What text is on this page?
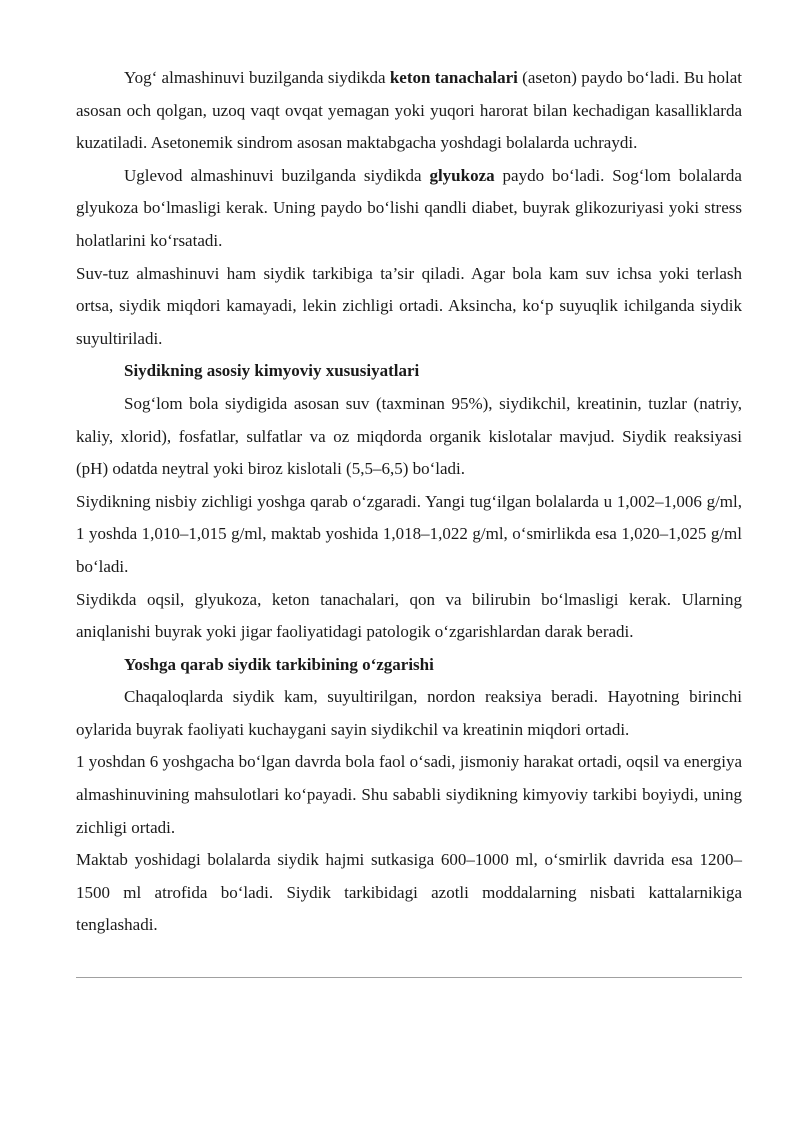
Yog‘ almashinuvi buzilganda siydikda keton tanachalari (aseton) paydo bo‘ladi. Bu holat asosan och qolgan, uzoq vaqt ovqat yemagan yoki yuqori harorat bilan kechadigan kasalliklarda kuzatiladi. Asetonemik sindrom asosan maktabgacha yoshdagi bolalarda uchraydi.

Uglevod almashinuvi buzilganda siydikda glyukoza paydo bo‘ladi. Sog‘lom bolalarda glyukoza bo‘lmasligi kerak. Uning paydo bo‘lishi qandli diabet, buyrak glikozuriyasi yoki stress holatlarini ko‘rsatadi.

Suv-tuz almashinuvi ham siydik tarkibiga ta’sir qiladi. Agar bola kam suv ichsa yoki terlash ortsa, siydik miqdori kamayadi, lekin zichligi ortadi. Aksincha, ko‘p suyuqlik ichilganda siydik suyultiriladi.

Siydikning asosiy kimyoviy xususiyatlari

Sog‘lom bola siydigida asosan suv (taxminan 95%), siydikchil, kreatinin, tuzlar (natriy, kaliy, xlorid), fosfatlar, sulfatlar va oz miqdorda organik kislotalar mavjud. Siydik reaksiyasi (pH) odatda neytral yoki biroz kislotali (5,5–6,5) bo‘ladi.

Siydikning nisbiy zichligi yoshga qarab o‘zgaradi. Yangi tug‘ilgan bolalarda u 1,002–1,006 g/ml, 1 yoshda 1,010–1,015 g/ml, maktab yoshida 1,018–1,022 g/ml, o‘smirlikda esa 1,020–1,025 g/ml bo‘ladi.

Siydikda oqsil, glyukoza, keton tanachalari, qon va bilirubin bo‘lmasligi kerak. Ularning aniqlanishi buyrak yoki jigar faoliyatidagi patologik o‘zgarishlardan darak beradi.

Yoshga qarab siydik tarkibining o‘zgarishi

Chaqaloqlarda siydik kam, suyultirilgan, nordon reaksiya beradi. Hayotning birinchi oylarida buyrak faoliyati kuchaygani sayin siydikchil va kreatinin miqdori ortadi.

1 yoshdan 6 yoshgacha bo‘lgan davrda bola faol o‘sadi, jismoniy harakat ortadi, oqsil va energiya almashinuvining mahsulotlari ko‘payadi. Shu sababli siydikning kimyoviy tarkibi boyiydi, uning zichligi ortadi.

Maktab yoshidagi bolalarda siydik hajmi sutkasiga 600–1000 ml, o‘smirlik davrida esa 1200–1500 ml atrofida bo‘ladi. Siydik tarkibidagi azotli moddalarning nisbati kattalarnikiga tenglashadi.
